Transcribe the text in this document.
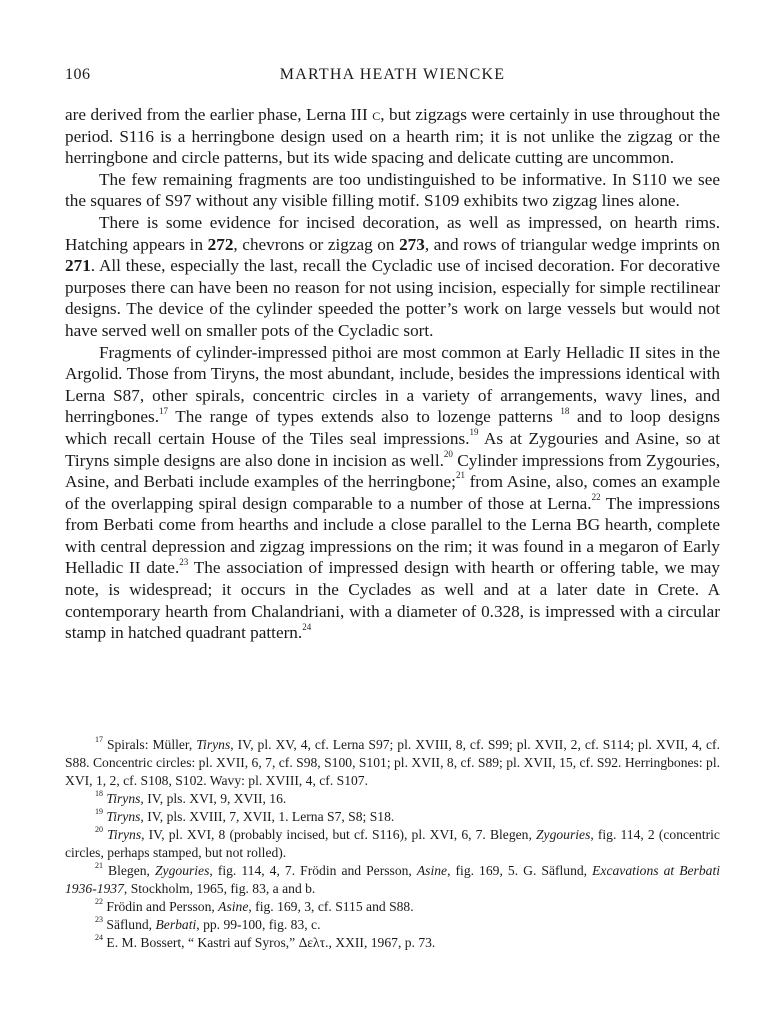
106	MARTHA HEATH WIENCKE

are derived from the earlier phase, Lerna III c, but zigzags were certainly in use throughout the period. S116 is a herringbone design used on a hearth rim; it is not unlike the zigzag or the herringbone and circle patterns, but its wide spacing and delicate cutting are uncommon.

The few remaining fragments are too undistinguished to be informative. In S110 we see the squares of S97 without any visible filling motif. S109 exhibits two zigzag lines alone.

There is some evidence for incised decoration, as well as impressed, on hearth rims. Hatching appears in 272, chevrons or zigzag on 273, and rows of triangular wedge imprints on 271. All these, especially the last, recall the Cycladic use of incised decoration. For decorative purposes there can have been no reason for not using incision, especially for simple rectilinear designs. The device of the cylinder speeded the potter’s work on large vessels but would not have served well on smaller pots of the Cycladic sort.

Fragments of cylinder-impressed pithoi are most common at Early Helladic II sites in the Argolid. Those from Tiryns, the most abundant, include, besides the impressions identical with Lerna S87, other spirals, concentric circles in a variety of arrangements, wavy lines, and herringbones.$^{17}$ The range of types extends also to lozenge patterns $^{18}$ and to loop designs which recall certain House of the Tiles seal impressions.$^{19}$ As at Zygouries and Asine, so at Tiryns simple designs are also done in incision as well.$^{20}$ Cylinder impressions from Zygouries, Asine, and Berbati include examples of the herringbone;$^{21}$ from Asine, also, comes an example of the overlapping spiral design comparable to a number of those at Lerna.$^{22}$ The impressions from Berbati come from hearths and include a close parallel to the Lerna BG hearth, complete with central depression and zigzag impressions on the rim; it was found in a megaron of Early Helladic II date.$^{23}$ The association of impressed design with hearth or offering table, we may note, is widespread; it occurs in the Cyclades as well and at a later date in Crete. A contemporary hearth from Chalandriani, with a diameter of 0.328, is impressed with a circular stamp in hatched quadrant pattern.$^{24}$

$^{17}$ Spirals: Müller, Tiryns, IV, pl. XV, 4, cf. Lerna S97; pl. XVIII, 8, cf. S99; pl. XVII, 2, cf. S114; pl. XVII, 4, cf. S88. Concentric circles: pl. XVII, 6, 7, cf. S98, S100, S101; pl. XVII, 8, cf. S89; pl. XVII, 15, cf. S92. Herringbones: pl. XVI, 1, 2, cf. S108, S102. Wavy: pl. XVIII, 4, cf. S107.

$^{18}$ Tiryns, IV, pls. XVI, 9, XVII, 16.

$^{19}$ Tiryns, IV, pls. XVIII, 7, XVII, 1. Lerna S7, S8; S18.

$^{20}$ Tiryns, IV, pl. XVI, 8 (probably incised, but cf. S116), pl. XVI, 6, 7. Blegen, Zygouries, fig. 114, 2 (concentric circles, perhaps stamped, but not rolled).

$^{21}$ Blegen, Zygouries, fig. 114, 4, 7. Frödin and Persson, Asine, fig. 169, 5. G. Säflund, Excavations at Berbati 1936-1937, Stockholm, 1965, fig. 83, a and b.

$^{22}$ Frödin and Persson, Asine, fig. 169, 3, cf. S115 and S88.

$^{23}$ Säflund, Berbati, pp. 99-100, fig. 83, c.

$^{24}$ E. M. Bossert, “ Kastri auf Syros,” Δελτ., XXII, 1967, p. 73.
